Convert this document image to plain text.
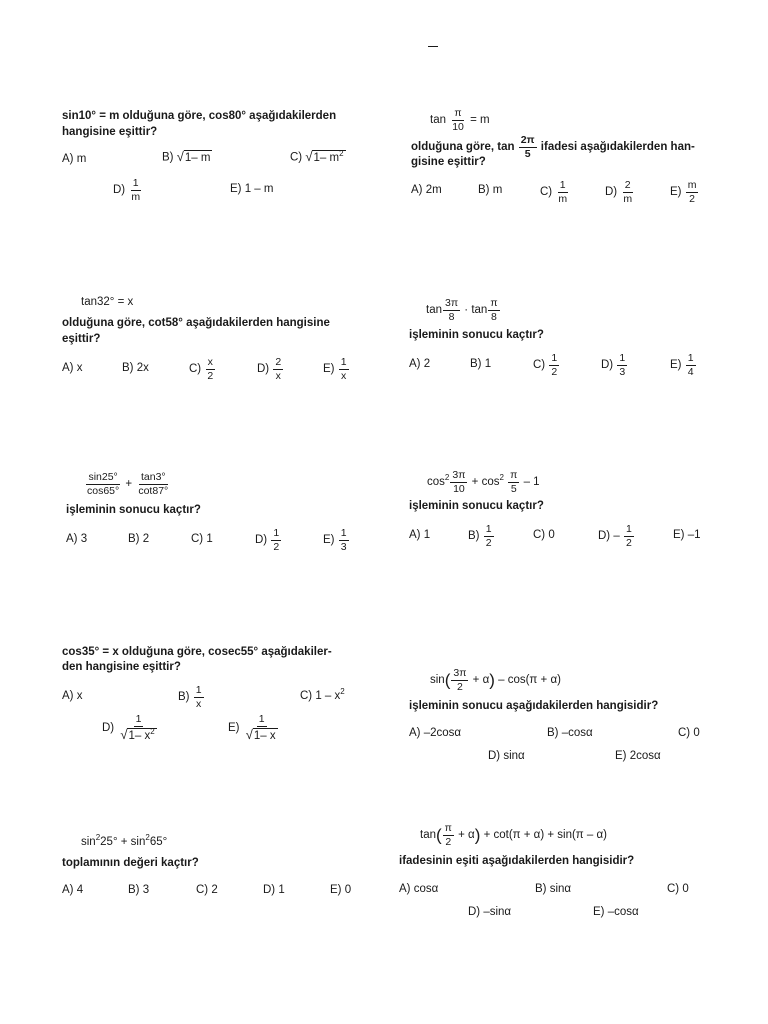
sin10° = m olduğuna göre, cos80° aşağıdakilerden
hangisine eşittir?
A) m	B) √ 1– m	C) √ 1– $m^2$
$D) \frac{1}{m}$	E) 1 – m
$\tan \frac{\pi}{10} = m$
olduğuna göre, $\tan \frac{2\pi}{5}$ ifadesi aşağıdakilerden han-
gisine eşittir?
A) 2m	B) m	$C) \frac{1}{m}$	$D) \frac{2}{m}$	$E) \frac{m}{2}$
tan32° = x
olduğuna göre, cot58° aşağıdakilerden hangisine
eşittir?
A) x	B) 2x	$C) \frac{x}{2}$	$D) \frac{2}{x}$	$E) \frac{1}{x}$
$\tan \frac{3\pi}{8} \cdot \tan \frac{\pi}{8}$
işleminin sonucu kaçtır?
A) 2	B) 1	$C) \frac{1}{2}$	$D) \frac{1}{3}$	$E) \frac{1}{4}$
$\frac{\sin 25^\circ}{\cos 65^\circ} + \frac{\tan 3^\circ}{\cot 87^\circ}$
işleminin sonucu kaçtır?
A) 3	B) 2	C) 1	$D) \frac{1}{2}$	$E) \frac{1}{3}$
$\cos^2 \frac{3\pi}{10} + \cos^2 \frac{\pi}{5} - 1$
işleminin sonucu kaçtır?
A) 1	$B) \frac{1}{2}$	C) 0	$D) - \frac{1}{2}$	E) –1
cos35° = x olduğuna göre, cosec55° aşağıdakiler-
den hangisine eşittir?
A) x	$B) \frac{1}{x}$	C) $1 - x^2$
$D) \frac{1}{√ 1- x^2}$	$E) \frac{1}{√ 1- x}$
$\sin( \frac{3\pi}{2} + \alpha) - \cos(\pi + \alpha)$
işleminin sonucu aşağıdakilerden hangisidir?
A) –2cosα	B) –cosα	C) 0
D) sinα	E) 2cosα
$\sin^225^\circ + \sin^265^\circ$
toplamının değeri kaçtır?
A) 4	B) 3	C) 2	D) 1	E) 0
$\tan( \frac{\pi}{2} + \alpha) + \cot(\pi + \alpha) + \sin(\pi - \alpha)$
ifadesinin eşiti aşağıdakilerden hangisidir?
A) cosα	B) sinα	C) 0
D) –sinα	E) –cosα
